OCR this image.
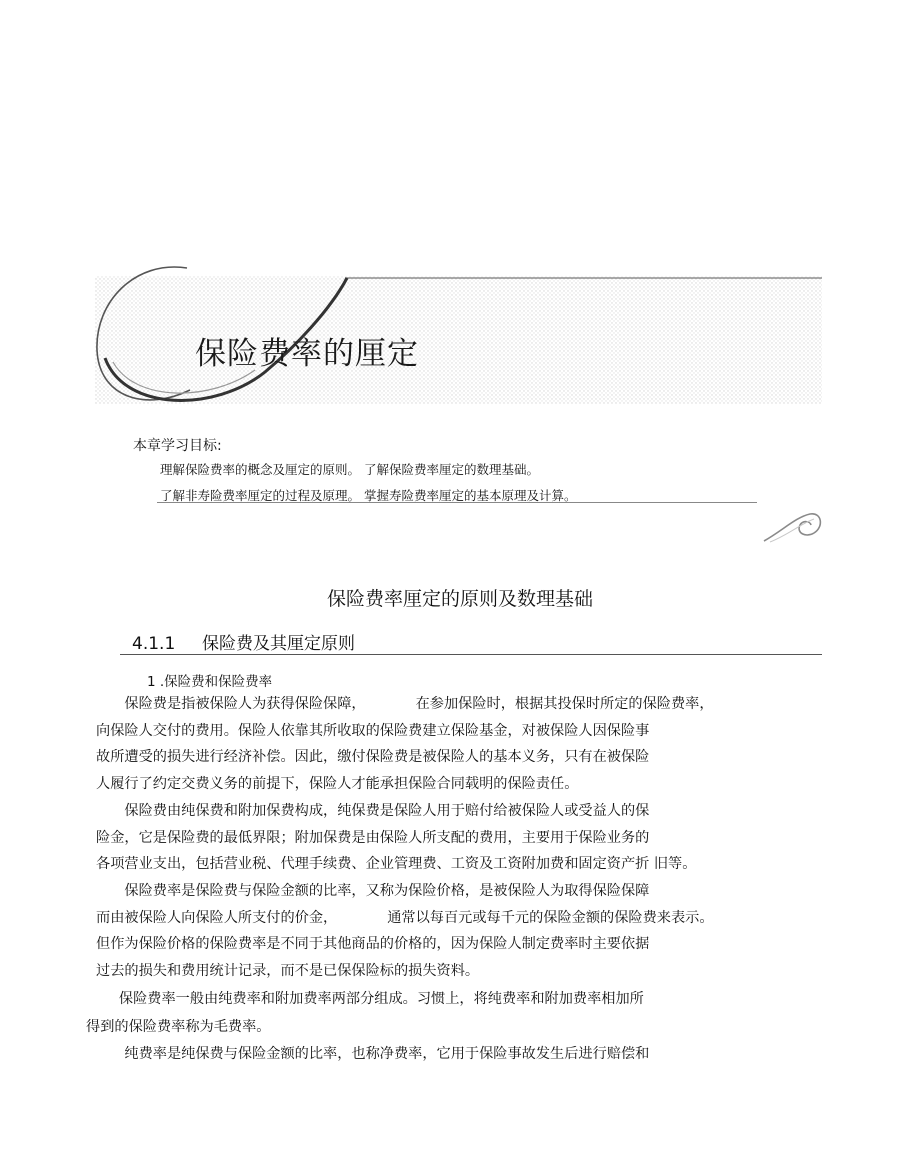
保险费率的厘定
本章学习目标:
理解保险费率的概念及厘定的原则。 了解保险费率厘定的数理基础。
了解非寿险费率厘定的过程及原理。 掌握寿险费率厘定的基本原理及计算。
保险费率厘定的原则及数理基础
4.1.1 保险费及其厘定原则
1 .保险费和保险费率
　　保险费是指被保险人为获得保险保障，	在参加保险时，根据其投保时所定的保险费率，
向保险人交付的费用。保险人依靠其所收取的保险费建立保险基金，对被保险人因保险事
故所遭受的损失进行经济补偿。因此，缴付保险费是被保险人的基本义务，只有在被保险
人履行了约定交费义务的前提下，保险人才能承担保险合同载明的保险责任。
　　保险费由纯保费和附加保费构成，纯保费是保险人用于赔付给被保险人或受益人的保
险金，它是保险费的最低界限；附加保费是由保险人所支配的费用，主要用于保险业务的
各项营业支出，包括营业税、代理手续费、企业管理费、工资及工资附加费和固定资产折 旧等。
　　保险费率是保险费与保险金额的比率，又称为保险价格，是被保险人为取得保险保障
而由被保险人向保险人所支付的价金，	通常以每百元或每千元的保险金额的保险费来表示。
但作为保险价格的保险费率是不同于其他商品的价格的，因为保险人制定费率时主要依据
过去的损失和费用统计记录，而不是已保保险标的损失资料。
　　 保险费率一般由纯费率和附加费率两部分组成。习惯上，将纯费率和附加费率相加所
得到的保险费率称为毛费率。
　　纯费率是纯保费与保险金额的比率，也称净费率，它用于保险事故发生后进行赔偿和
